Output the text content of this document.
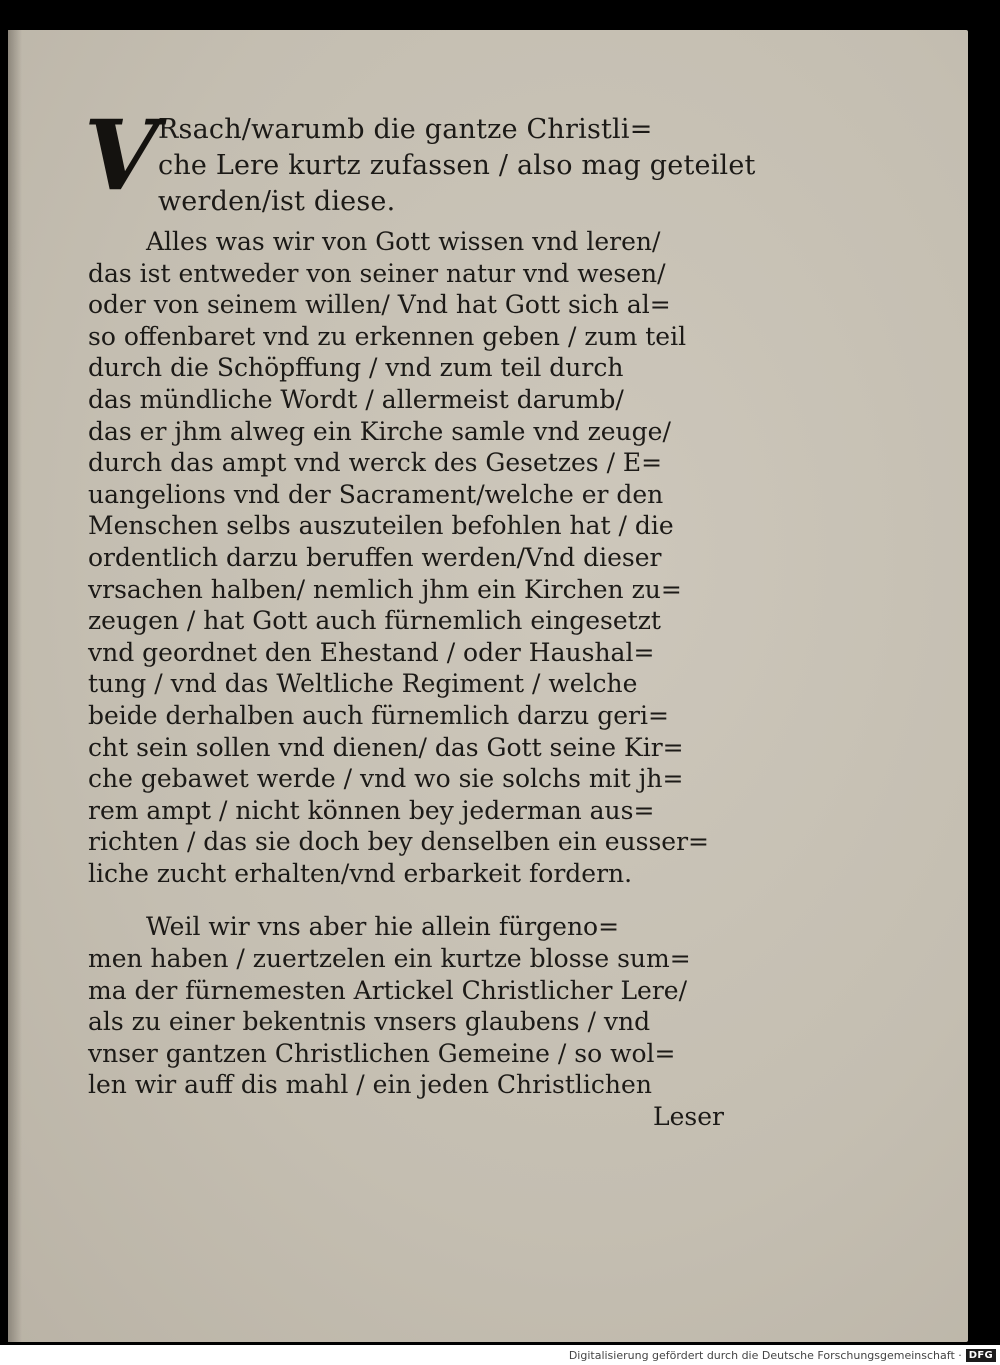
V Rsach/warumb die gantze Christli=
che Lere kurtz zufassen / also mag geteilet
werden/ist diese.
Alles was wir von Gott wissen vnd leren/
das ist entweder von seiner natur vnd wesen/
oder von seinem willen/ Vnd hat Gott sich al=
so offenbaret vnd zu erkennen geben / zum teil
durch die Schöpffung / vnd zum teil durch
das mündliche Wordt / allermeist darumb/
das er jhm alweg ein Kirche samle vnd zeuge/
durch das ampt vnd werck des Gesetzes / E=
uangelions vnd der Sacrament/welche er den
Menschen selbs auszuteilen befohlen hat / die
ordentlich darzu beruffen werden/Vnd dieser
vrsachen halben/ nemlich jhm ein Kirchen zu=
zeugen / hat Gott auch fürnemlich eingesetzt
vnd geordnet den Ehestand / oder Haushal=
tung / vnd das Weltliche Regiment / welche
beide derhalben auch fürnemlich darzu geri=
cht sein sollen vnd dienen/ das Gott seine Kir=
che gebawet werde / vnd wo sie solchs mit jh=
rem ampt / nicht können bey jederman aus=
richten / das sie doch bey denselben ein eusser=
liche zucht erhalten/vnd erbarkeit fordern.
Weil wir vns aber hie allein fürgeno=
men haben / zuertzelen ein kurtze blosse sum=
ma der fürnemesten Artickel Christlicher Lere/
als zu einer bekentnis vnsers glaubens / vnd
vnser gantzen Christlichen Gemeine / so wol=
len wir auff dis mahl / ein jeden Christlichen
Leser
Digitalisierung gefördert durch die Deutsche Forschungsgemeinschaft · DFG
